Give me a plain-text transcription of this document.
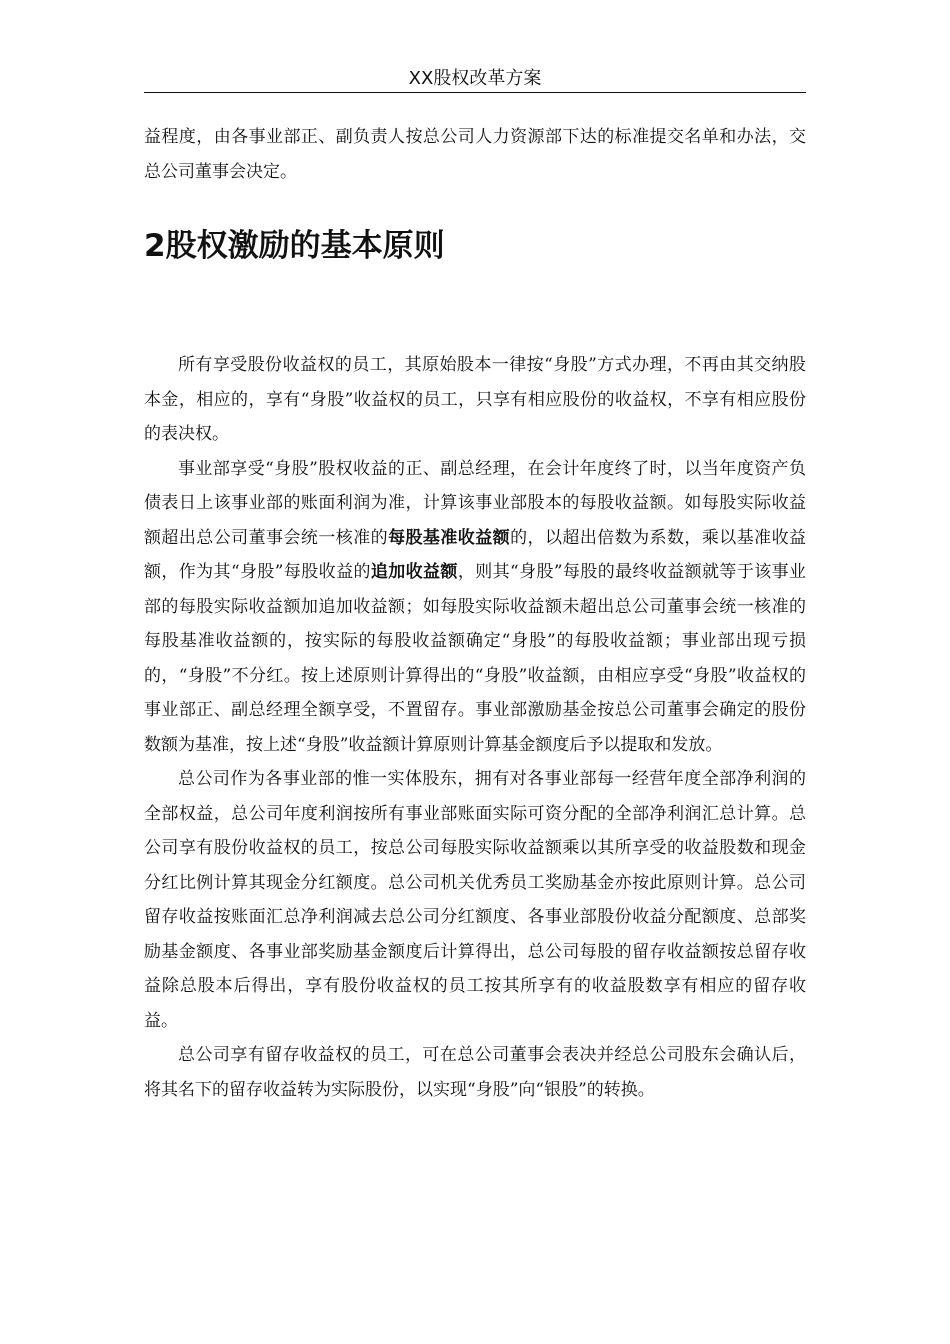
XX股权改革方案

益程度，由各事业部正、副负责人按总公司人力资源部下达的标准提交名单和办法，交总公司董事会决定。

2股权激励的基本原则

所有享受股份收益权的员工，其原始股本一律按“身股”方式办理，不再由其交纳股本金，相应的，享有“身股”收益权的员工，只享有相应股份的收益权，不享有相应股份的表决权。

事业部享受“身股”股权收益的正、副总经理，在会计年度终了时，以当年度资产负债表日上该事业部的账面利润为准，计算该事业部股本的每股收益额。如每股实际收益额超出总公司董事会统一核准的每股基准收益额的，以超出倍数为系数，乘以基准收益额，作为其“身股”每股收益的追加收益额，则其“身股”每股的最终收益额就等于该事业部的每股实际收益额加追加收益额；如每股实际收益额未超出总公司董事会统一核准的每股基准收益额的，按实际的每股收益额确定“身股”的每股收益额；事业部出现亏损的，“身股”不分红。按上述原则计算得出的“身股”收益额，由相应享受“身股”收益权的事业部正、副总经理全额享受，不置留存。事业部激励基金按总公司董事会确定的股份数额为基准，按上述“身股”收益额计算原则计算基金额度后予以提取和发放。

总公司作为各事业部的惟一实体股东，拥有对各事业部每一经营年度全部净利润的全部权益，总公司年度利润按所有事业部账面实际可资分配的全部净利润汇总计算。总公司享有股份收益权的员工，按总公司每股实际收益额乘以其所享受的收益股数和现金分红比例计算其现金分红额度。总公司机关优秀员工奖励基金亦按此原则计算。总公司留存收益按账面汇总净利润减去总公司分红额度、各事业部股份收益分配额度、总部奖励基金额度、各事业部奖励基金额度后计算得出，总公司每股的留存收益额按总留存收益除总股本后得出，享有股份收益权的员工按其所享有的收益股数享有相应的留存收益。

总公司享有留存收益权的员工，可在总公司董事会表决并经总公司股东会确认后，将其名下的留存收益转为实际股份，以实现“身股”向“银股”的转换。
